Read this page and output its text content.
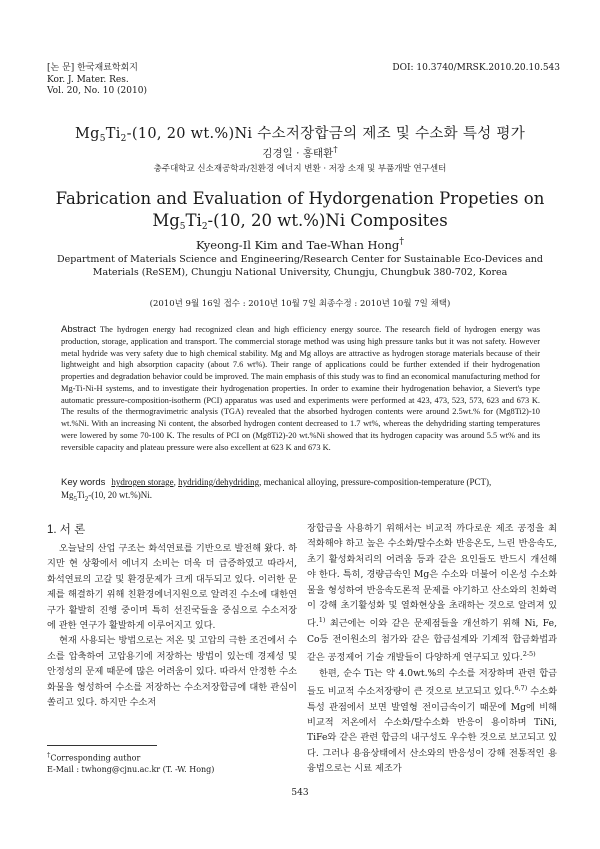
[논 문] 한국재료학회지
Kor. J. Mater. Res.
Vol. 20, No. 10 (2010)
DOI: 10.3740/MRSK.2010.20.10.543
$Mg_5Ti_2-(10$, 20 wt.%)Ni 수소저장합금의 제조 및 수소화 특성 평가
김경일 · 홍태환†
충주대학교 신소재공학과/친환경 에너지 변환 · 저장 소재 및 부품개발 연구센터
Fabrication and Evaluation of Hydorgenation Propeties on
$Mg_5Ti_2-(10$, 20 wt.%)Ni Composites
Kyeong-Il Kim and Tae-Whan Hong†
Department of Materials Science and Engineering/Research Center for Sustainable Eco-Devices and Materials (ReSEM), Chungju National University, Chungju, Chungbuk 380-702, Korea
(2010년 9월 16일 접수 : 2010년 10월 7일 최종수정 : 2010년 10월 7일 채택)
Abstract The hydrogen energy had recognized clean and high efficiency energy source. The research field of hydrogen energy was production, storage, application and transport. The commercial storage method was using high pressure tanks but it was not safety. However metal hydride was very safety due to high chemical stability. Mg and Mg alloys are attractive as hydrogen storage materials because of their lightweight and high absorption capacity (about 7.6 wt%). Their range of applications could be further extended if their hydrogenation properties and degradation behavior could be improved. The main emphasis of this study was to find an economical manufacturing method for Mg-Ti-Ni-H systems, and to investigate their hydrogenation properties. In order to examine their hydrogenation behavior, a Sievert's type automatic pressure-composition-isotherm (PCI) apparatus was used and experiments were performed at 423, 473, 523, 573, 623 and 673 K. The results of the thermogravimetric analysis (TGA) revealed that the absorbed hydrogen contents were around 2.5wt.% for (Mg8Ti2)-10 wt.%Ni. With an increasing Ni content, the absorbed hydrogen content decreased to 1.7 wt%, whereas the dehydriding starting temperatures were lowered by some 70-100 K. The results of PCI on (Mg8Ti2)-20 wt.%Ni showed that its hydrogen capacity was around 5.5 wt% and its reversible capacity and plateau pressure were also excellent at 623 K and 673 K.
Key words hydrogen storage, hydriding/dehydriding, mechanical alloying, pressure-composition-temperature (PCT),
$Mg_5Ti_2-(10$, 20 wt.%)Ni.
1. 서 론

오늘날의 산업 구조는 화석연료를 기반으로 발전해 왔다. 하지만 현 상황에서 에너지 소비는 더욱 더 급증하였고 따라서, 화석연료의 고갈 및 환경문제가 크게 대두되고 있다. 이러한 문제를 해결하기 위해 친환경에너지원으로 알려진 수소에 대한연구가 활발히 진행 중이며 특히 선진국들을 중심으로 수소저장에 관한 연구가 활발하게 이루어지고 있다.

현재 사용되는 방법으로는 저온 및 고압의 극한 조건에서 수소를 압축하여 고압용기에 저장하는 방법이 있는데 경제성 및 안정성의 문제 때문에 많은 어려움이 있다. 따라서 안정한 수소화물을 형성하여 수소를 저장하는 수소저장합금에 대한 관심이 쏠리고 있다. 하지만 수소저

장합금을 사용하기 위해서는 비교적 까다로운 제조 공정을 최적화해야 하고 높은 수소화/탈수소화 반응온도, 느린 반응속도, 초기 활성화처리의 어려움 등과 같은 요인들도 반드시 개선해야 한다. 특히, 경량금속인 Mg은 수소와 더불어 이온성 수소화물을 형성하여 반응속도론적 문제를 야기하고 산소와의 친화력이 강해 초기활성화 및 열화현상을 초래하는 것으로 알려져 있다.$^{1)}$ 최근에는 이와 같은 문제점들을 개선하기 위해 Ni, Fe, Co등 전이원소의 첨가와 같은 합금설계와 기계적 합금화법과 같은 공정제어 기술 개발들이 다양하게 연구되고 있다.$^{2-5)}$

한편, 순수 Ti는 약 4.0wt.%의 수소를 저장하며 관련 합금들도 비교적 수소저장량이 큰 것으로 보고되고 있다.$^{6,7)}$ 수소화 특성 관점에서 보면 발열형 전이금속이기 때문에 Mg에 비해 비교적 저온에서 수소화/탈수소화 반응이 용이하며 TiNi, TiFe와 같은 관련 합금의 내구성도 우수한 것으로 보고되고 있다. 그러나 용융상태에서 산소와의 반응성이 강해 전통적인 용융법으로는 시료 제조가

†Corresponding author
E-Mail : twhong@cjnu.ac.kr (T. -W. Hong)
543
